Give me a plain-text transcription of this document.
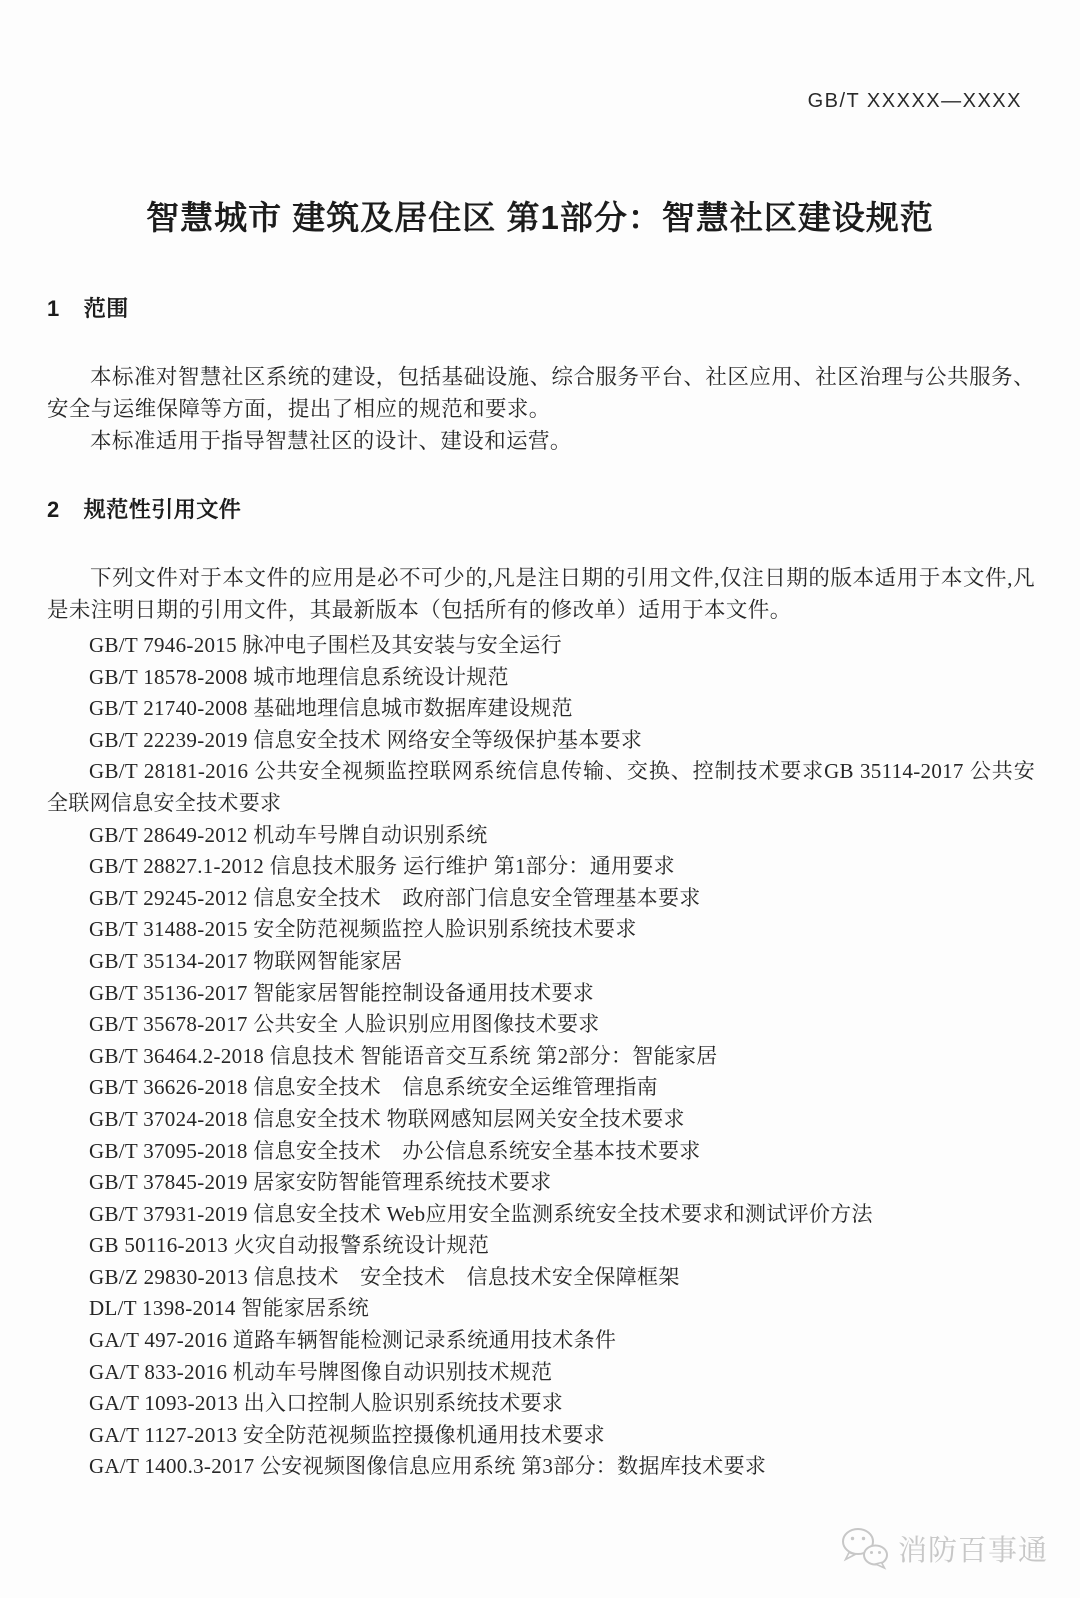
GB/T XXXXX—XXXX
智慧城市 建筑及居住区 第1部分：智慧社区建设规范
1 范围

本标准对智慧社区系统的建设，包括基础设施、综合服务平台、社区应用、社区治理与公共服务、安全与运维保障等方面，提出了相应的规范和要求。

本标准适用于指导智慧社区的设计、建设和运营。

2 规范性引用文件

下列文件对于本文件的应用是必不可少的,凡是注日期的引用文件,仅注日期的版本适用于本文件,凡是未注明日期的引用文件，其最新版本（包括所有的修改单）适用于本文件。

GB/T 7946-2015 脉冲电子围栏及其安装与安全运行

GB/T 18578-2008 城市地理信息系统设计规范

GB/T 21740-2008 基础地理信息城市数据库建设规范

GB/T 22239-2019 信息安全技术 网络安全等级保护基本要求

GB/T 28181-2016 公共安全视频监控联网系统信息传输、交换、控制技术要求GB 35114-2017 公共安全联网信息安全技术要求

GB/T 28649-2012 机动车号牌自动识别系统

GB/T 28827.1-2012 信息技术服务 运行维护 第1部分：通用要求

GB/T 29245-2012 信息安全技术　政府部门信息安全管理基本要求

GB/T 31488-2015 安全防范视频监控人脸识别系统技术要求

GB/T 35134-2017 物联网智能家居

GB/T 35136-2017 智能家居智能控制设备通用技术要求

GB/T 35678-2017 公共安全 人脸识别应用图像技术要求

GB/T 36464.2-2018 信息技术 智能语音交互系统 第2部分：智能家居

GB/T 36626-2018 信息安全技术　信息系统安全运维管理指南

GB/T 37024-2018 信息安全技术 物联网感知层网关安全技术要求

GB/T 37095-2018 信息安全技术　办公信息系统安全基本技术要求

GB/T 37845-2019 居家安防智能管理系统技术要求

GB/T 37931-2019 信息安全技术 Web应用安全监测系统安全技术要求和测试评价方法

GB 50116-2013 火灾自动报警系统设计规范

GB/Z 29830-2013 信息技术　安全技术　信息技术安全保障框架

DL/T 1398-2014 智能家居系统

GA/T 497-2016 道路车辆智能检测记录系统通用技术条件

GA/T 833-2016 机动车号牌图像自动识别技术规范

GA/T 1093-2013 出入口控制人脸识别系统技术要求

GA/T 1127-2013 安全防范视频监控摄像机通用技术要求

GA/T 1400.3-2017 公安视频图像信息应用系统 第3部分：数据库技术要求

消防百事通
